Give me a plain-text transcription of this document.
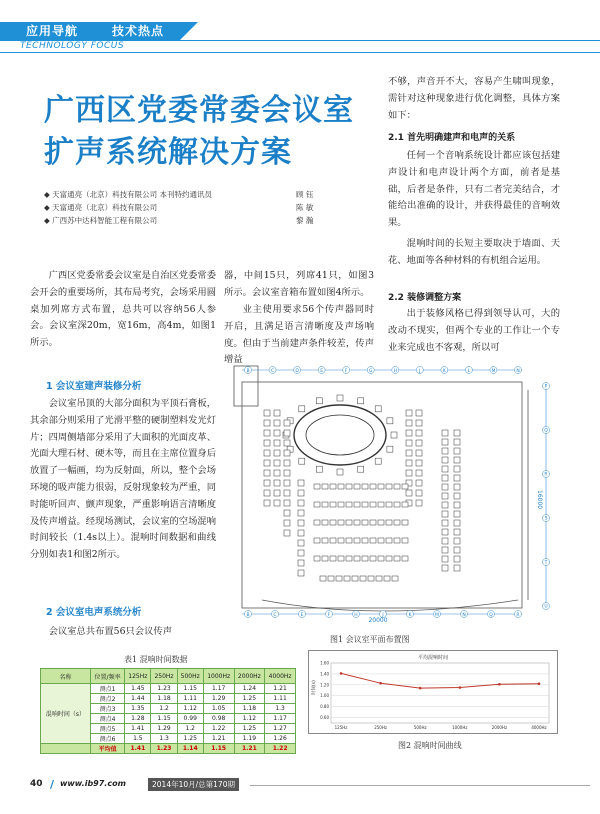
应用导航	技术热点
TECHNOLOGY FOCUS
广西区党委常委会议室
扩声系统解决方案
◆ 天富通亮（北京）科技有限公司 本刊特约通讯员	顾 钰
◆ 天富通亮（北京）科技有限公司	陈 敏
◆ 广西苏中达科智能工程有限公司	黎 瀚

广西区党委常委会议室是自治区党委常委会开会的重要场所，其布局考究，会场采用圆桌加列席方式布置，总共可以容纳56人参会。会议室深20m，宽16m，高4m，如图1所示。

1 会议室建声装修分析

会议室吊顶的大部分面积为平顶石膏板，其余部分则采用了光滑平整的硬制塑料发光灯片；四周侧墙部分采用了大面积的光面皮革、光面大理石材、硬木等，而且在主席位置身后放置了一幅画，均为反射面，所以，整个会场环境的吸声能力很弱，反射现象较为严重，同时能听回声、颤声现象，严重影响语言清晰度及传声增益。经现场测试，会议室的空场混响时间较长（1.4s以上）。混响时间数据和曲线分别如表1和图2所示。

2 会议室电声系统分析

会议室总共布置56只会议传声

器，中间15只，列席41只，如图3所示。会议室音箱布置如图4所示。

业主使用要求56个传声器同时开启，且满足语言清晰度及声场响度。但由于当前建声条件较差，传声增益

不够，声音开不大，容易产生啸叫现象，需针对这种现象进行优化调整，具体方案如下：

2.1 首先明确建声和电声的关系

任何一个音响系统设计都应该包括建声设计和电声设计两个方面，前者是基础，后者是条件，只有二者完美结合，才能给出准确的设计，并获得最佳的音响效果。

混响时间的长短主要取决于墙面、天花、地面等各种材料的有机组合运用。

2.2 装修调整方案

出于装修风格已得到领导认可，大的改动不现实，但两个专业的工作让一个专业来完成也不客观，所以可

B	C	D	E	F	G	H	J	K	L	M	N
B	C	E	F	H	J	K	M	N	Q	R
P
Q
R
S
T
U
20000
16000
图1 会议室平面布置图
表1 混响时间数据
名称	位置/频率	125Hz	250Hz	500Hz	1000Hz	2000Hz	4000Hz
混响时间（s）	测点1	1.45	1.23	1.15	1.17	1.24	1.21
	测点2	1.44	1.18	1.11	1.29	1.25	1.11
	测点3	1.35	1.2	1.12	1.05	1.18	1.3
	测点4	1.28	1.15	0.99	0.98	1.12	1.17
	测点5	1.41	1.29	1.2	1.22	1.25	1.27
	测点6	1.5	1.3	1.25	1.21	1.19	1.26
	平均值	1.41	1.23	1.14	1.15	1.21	1.22
平均混响时间
时间(s)
1.60
1.40
1.20
1.00
0.80
0.60
125Hz	250Hz	500Hz	1000Hz	2000Hz	4000Hz
图2 混响时间曲线
40 / www.ib97.com	2014年10月/总第170期
